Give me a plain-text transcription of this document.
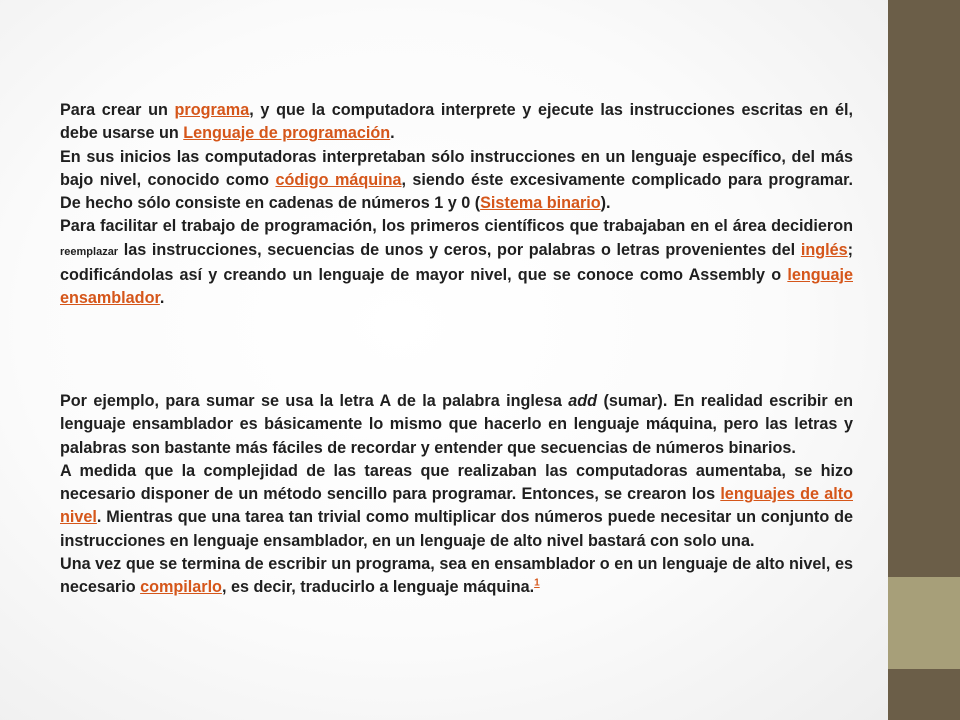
Para crear un programa, y que la computadora interprete y ejecute las instrucciones escritas en él, debe usarse un Lenguaje de programación.

En sus inicios las computadoras interpretaban sólo instrucciones en un lenguaje específico, del más bajo nivel, conocido como código máquina, siendo éste excesivamente complicado para programar. De hecho sólo consiste en cadenas de números 1 y 0 (Sistema binario).

Para facilitar el trabajo de programación, los primeros científicos que trabajaban en el área decidieron reemplazar las instrucciones, secuencias de unos y ceros, por palabras o letras provenientes del inglés; codificándolas así y creando un lenguaje de mayor nivel, que se conoce como Assembly o lenguaje ensamblador.

Por ejemplo, para sumar se usa la letra A de la palabra inglesa add (sumar). En realidad escribir en lenguaje ensamblador es básicamente lo mismo que hacerlo en lenguaje máquina, pero las letras y palabras son bastante más fáciles de recordar y entender que secuencias de números binarios.

A medida que la complejidad de las tareas que realizaban las computadoras aumentaba, se hizo necesario disponer de un método sencillo para programar. Entonces, se crearon los lenguajes de alto nivel. Mientras que una tarea tan trivial como multiplicar dos números puede necesitar un conjunto de instrucciones en lenguaje ensamblador, en un lenguaje de alto nivel bastará con solo una.

Una vez que se termina de escribir un programa, sea en ensamblador o en un lenguaje de alto nivel, es necesario compilarlo, es decir, traducirlo a lenguaje máquina.$^1$
